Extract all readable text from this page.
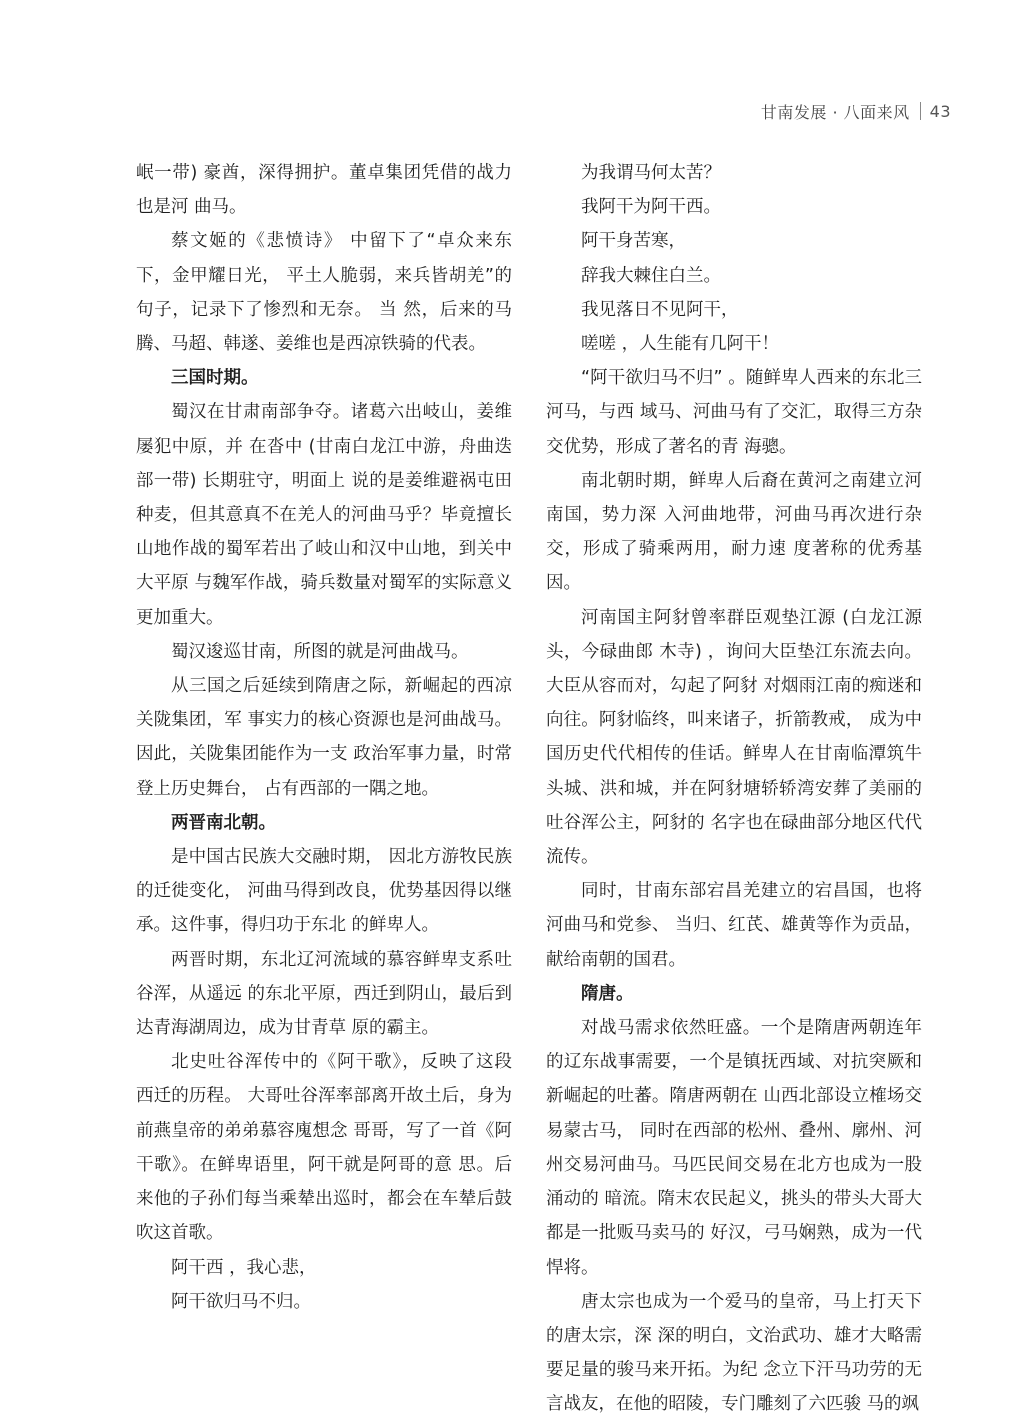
甘南发展 · 八面来风 43

岷一带) 豪酋，深得拥护。董卓集团凭借的战力也是河 曲马。

蔡文姬的《悲愤诗》 中留下了“卓众来东下，金甲耀日光， 平土人脆弱，来兵皆胡羌”的句子，记录下了惨烈和无奈。 当 然，后来的马腾、马超、韩遂、姜维也是西凉铁骑的代表。

三国时期。

蜀汉在甘肃南部争夺。诸葛六出岐山，姜维屡犯中原，并 在沓中 (甘南白龙江中游，舟曲迭部一带) 长期驻守，明面上 说的是姜维避祸屯田种麦，但其意真不在羌人的河曲马乎？毕竟擅长山地作战的蜀军若出了岐山和汉中山地，到关中大平原 与魏军作战，骑兵数量对蜀军的实际意义更加重大。

蜀汉逡巡甘南，所图的就是河曲战马。

从三国之后延续到隋唐之际，新崛起的西凉关陇集团，军 事实力的核心资源也是河曲战马。因此，关陇集团能作为一支 政治军事力量，时常登上历史舞台， 占有西部的一隅之地。

两晋南北朝。

是中国古民族大交融时期， 因北方游牧民族的迁徙变化， 河曲马得到改良，优势基因得以继承。这件事，得归功于东北 的鲜卑人。

两晋时期，东北辽河流域的慕容鲜卑支系吐谷浑，从遥远 的东北平原，西迁到阴山，最后到达青海湖周边，成为甘青草 原的霸主。

北史吐谷浑传中的《阿干歌》，反映了这段西迁的历程。 大哥吐谷浑率部离开故土后，身为前燕皇帝的弟弟慕容廆想念 哥哥，写了一首《阿干歌》。在鲜卑语里，阿干就是阿哥的意 思。后来他的子孙们每当乘辇出巡时，都会在车辇后鼓吹这首歌。

阿干西 ，我心悲，

阿干欲归马不归。

为我谓马何太苦？

我阿干为阿干西。

阿干身苦寒，

辞我大棘住白兰。

我见落日不见阿干，

嗟嗟 ，人生能有几阿干！

“阿干欲归马不归” 。随鲜卑人西来的东北三河马，与西 域马、河曲马有了交汇，取得三方杂交优势，形成了著名的青 海骢。

南北朝时期，鲜卑人后裔在黄河之南建立河南国，势力深 入河曲地带，河曲马再次进行杂交，形成了骑乘两用，耐力速 度著称的优秀基因。

河南国主阿豺曾率群臣观垫江源 (白龙江源头，今碌曲郎 木寺) ，询问大臣垫江东流去向。大臣从容而对，勾起了阿豺 对烟雨江南的痴迷和向往。阿豺临终，叫来诸子，折箭教戒， 成为中国历史代代相传的佳话。鲜卑人在甘南临潭筑牛头城、洪和城，并在阿豺塘轿轿湾安葬了美丽的吐谷浑公主，阿豺的 名字也在碌曲部分地区代代流传。

同时，甘南东部宕昌羌建立的宕昌国，也将河曲马和党参、 当归、红芪、雄黄等作为贡品，献给南朝的国君。

隋唐。

对战马需求依然旺盛。一个是隋唐两朝连年的辽东战事需要，一个是镇抚西域、对抗突厥和新崛起的吐蕃。隋唐两朝在 山西北部设立榷场交易蒙古马， 同时在西部的松州、叠州、廓州、河州交易河曲马。马匹民间交易在北方也成为一股涌动的 暗流。隋末农民起义，挑头的带头大哥大都是一批贩马卖马的 好汉，弓马娴熟，成为一代悍将。

唐太宗也成为一个爱马的皇帝，马上打天下的唐太宗，深 深的明白，文治武功、雄才大略需要足量的骏马来开拓。为纪 念立下汗马功劳的无言战友，在他的昭陵，专门雕刻了六匹骏 马的飒
